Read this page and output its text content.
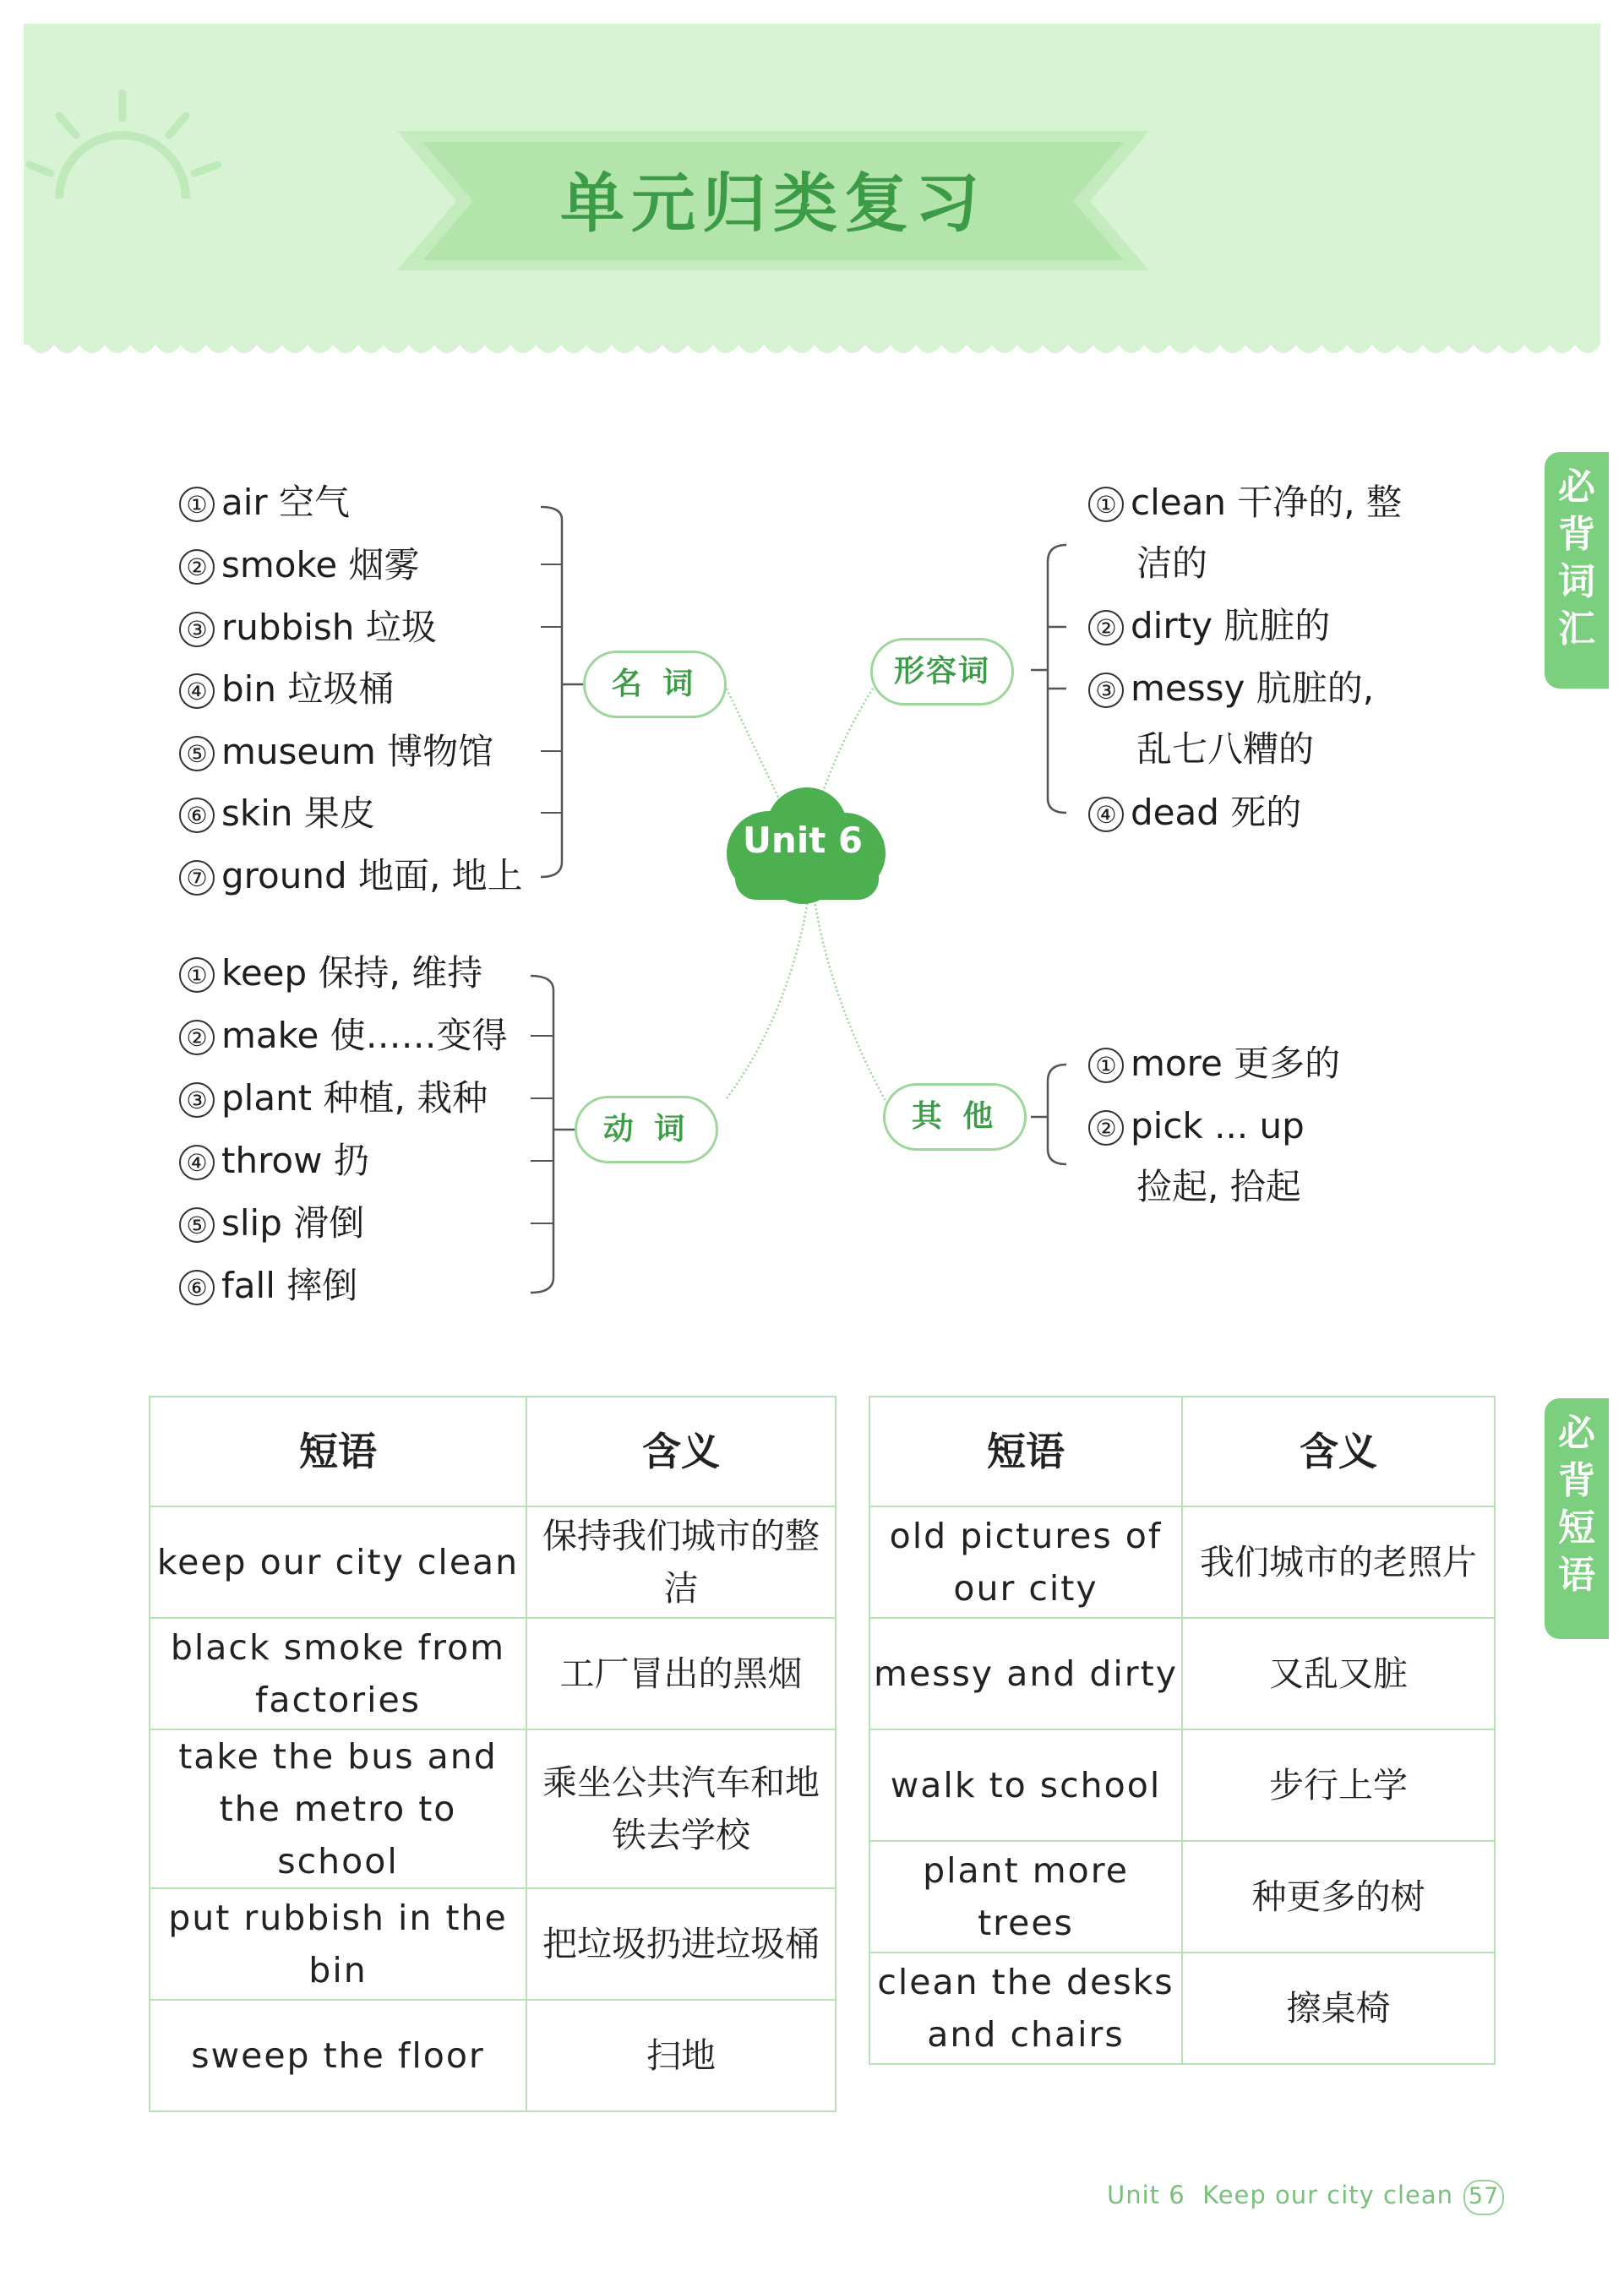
单元归类复习
必背词汇
必背短语
Unit 6
名 词	形容词
动 词	其 他
① air 空气
② smoke 烟雾
③ rubbish 垃圾
④ bin 垃圾桶
⑤ museum 博物馆
⑥ skin 果皮
⑦ ground 地面, 地上
① clean 干净的, 整
洁的
② dirty 肮脏的
③ messy 肮脏的,
乱七八糟的
④ dead 死的
① keep 保持, 维持
② make 使……变得
③ plant 种植, 栽种
④ throw 扔
⑤ slip 滑倒
⑥ fall 摔倒
① more 更多的
② pick ... up
捡起, 拾起
短语	含义
keep our city clean	保持我们城市的整洁
black smoke from factories	工厂冒出的黑烟
take the bus and the metro to school	乘坐公共汽车和地铁去学校
put rubbish in the bin	把垃圾扔进垃圾桶
sweep the floor	扫地
短语	含义
old pictures of our city	我们城市的老照片
messy and dirty	又乱又脏
walk to school	步行上学
plant more trees	种更多的树
clean the desks and chairs	擦桌椅
Unit 6  Keep our city clean 57
